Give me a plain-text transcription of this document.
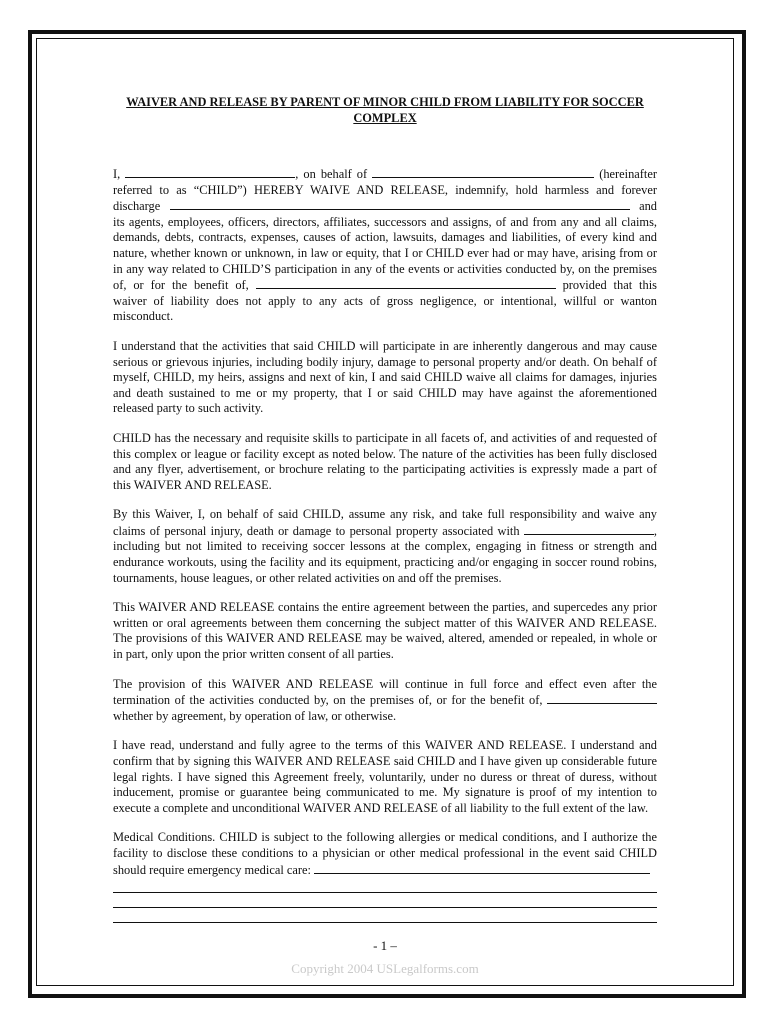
WAIVER AND RELEASE BY PARENT OF MINOR CHILD FROM LIABILITY FOR SOCCER
COMPLEX

I,	, on behalf of	(hereinafter referred to as “CHILD”) HEREBY WAIVE AND RELEASE, indemnify, hold harmless and forever discharge	and its agents, employees, officers, directors, affiliates, successors and assigns, of and from any and all claims, demands, debts, contracts, expenses, causes of action, lawsuits, damages and liabilities, of every kind and nature, whether known or unknown, in law or equity, that I or CHILD ever had or may have, arising from or in any way related to CHILD’S participation in any of the events or activities conducted by, on the premises of, or for the benefit of,	provided that this waiver of liability does not apply to any acts of gross negligence, or intentional, willful or wanton misconduct.

I understand that the activities that said CHILD will participate in are inherently dangerous and may cause serious or grievous injuries, including bodily injury, damage to personal property and/or death. On behalf of myself, CHILD, my heirs, assigns and next of kin, I and said CHILD waive all claims for damages, injuries and death sustained to me or my property, that I or said CHILD may have against the aforementioned released party to such activity.

CHILD has the necessary and requisite skills to participate in all facets of, and activities of and requested of this complex or league or facility except as noted below. The nature of the activities has been fully disclosed and any flyer, advertisement, or brochure relating to the participating activities is expressly made a part of this WAIVER AND RELEASE.

By this Waiver, I, on behalf of said CHILD, assume any risk, and take full responsibility and waive any claims of personal injury, death or damage to personal property associated with	, including but not limited to receiving soccer lessons at the complex, engaging in fitness or strength and endurance workouts, using the facility and its equipment, practicing and/or engaging in soccer round robins, tournaments, house leagues, or other related activities on and off the premises.

This WAIVER AND RELEASE contains the entire agreement between the parties, and supercedes any prior written or oral agreements between them concerning the subject matter of this WAIVER AND RELEASE. The provisions of this WAIVER AND RELEASE may be waived, altered, amended or repealed, in whole or in part, only upon the prior written consent of all parties.

The provision of this WAIVER AND RELEASE will continue in full force and effect even after the termination of the activities conducted by, on the premises of, or for the benefit of,  whether by agreement, by operation of law, or otherwise.

I have read, understand and fully agree to the terms of this WAIVER AND RELEASE. I understand and confirm that by signing this WAIVER AND RELEASE said CHILD and I have given up considerable future legal rights. I have signed this Agreement freely, voluntarily, under no duress or threat of duress, without inducement, promise or guarantee being communicated to me. My signature is proof of my intention to execute a complete and unconditional WAIVER AND RELEASE of all liability to the full extent of the law.

Medical Conditions. CHILD is subject to the following allergies or medical conditions, and I authorize the facility to disclose these conditions to a physician or other medical professional in the event said CHILD should require emergency medical care:

- 1 –
Copyright 2004 USLegalforms.com
